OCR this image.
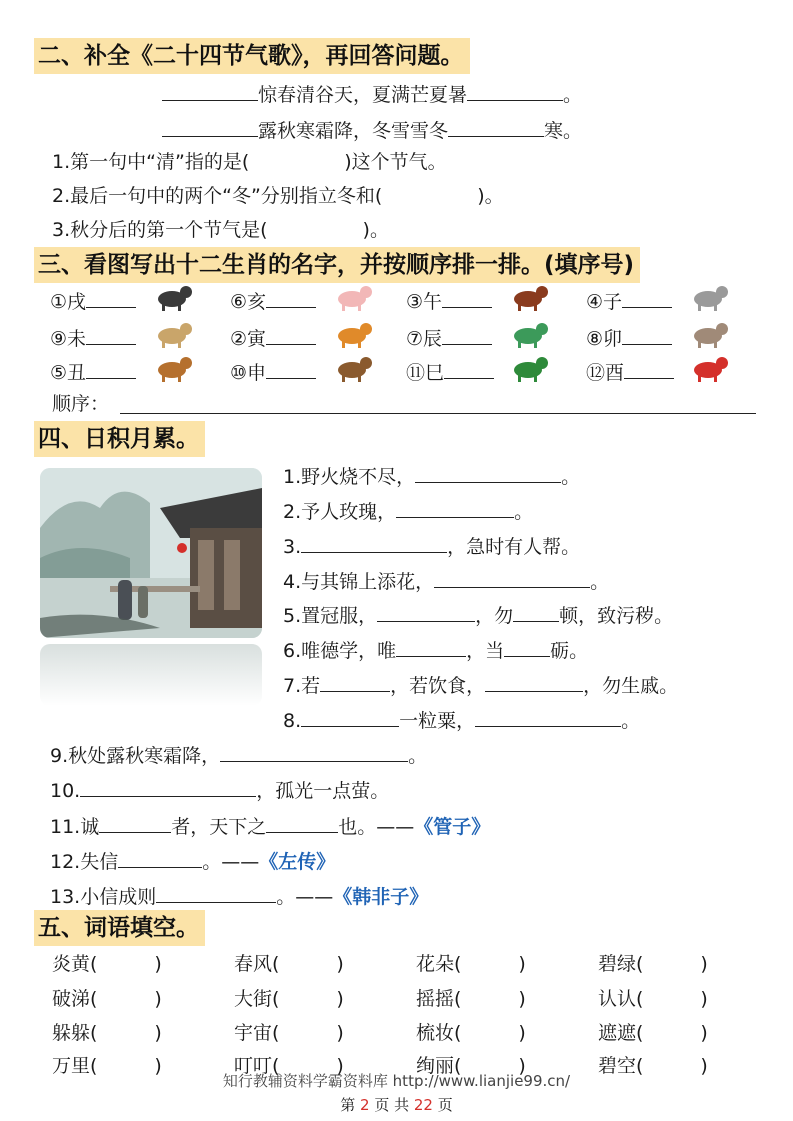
二、补全《二十四节气歌》，再回答问题。
惊春清谷天，夏满芒夏暑	。
露秋寒霜降，冬雪雪冬	寒。
1.第一句中“清”指的是(　　　　　)这个节气。
2.最后一句中的两个“冬”分别指立冬和(　　　　　)。
3.秋分后的第一个节气是(　　　　　)。
三、看图写出十二生肖的名字，并按顺序排一排。(填序号)
①戌	⑥亥	③午	④子
⑨未	②寅	⑦辰	⑧卯
⑤丑	⑩申	⑪巳	⑫酉
顺序：
四、日积月累。
1.野火烧不尽，	。
2.予人玫瑰，	。
3.	，急时有人帮。
4.与其锦上添花，	。
5.置冠服，	，勿 顿，致污秽。
6.唯德学，唯	，当 砺。
7.若	，若饮食，	，勿生戚。
8.	一粒粟，	。
9.秋处露秋寒霜降，	。
10.	，孤光一点萤。
11.诚	者，天下之	也。——《管子》
12.失信	。——《左传》
13.小信成则	。——《韩非子》
五、词语填空。
炎黄(　　　)	春风(　　　)	花朵(　　　)	碧绿(　　　)
破涕(　　　)	大街(　　　)	摇摇(　　　)	认认(　　　)
躲躲(　　　)	宇宙(　　　)	梳妆(　　　)	遮遮(　　　)
万里(　　　)	叮叮(　　　)	绚丽(　　　)	碧空(　　　)
知行教辅资料学霸资料库 http://www.lianjie99.cn/
第 2 页 共 22 页
